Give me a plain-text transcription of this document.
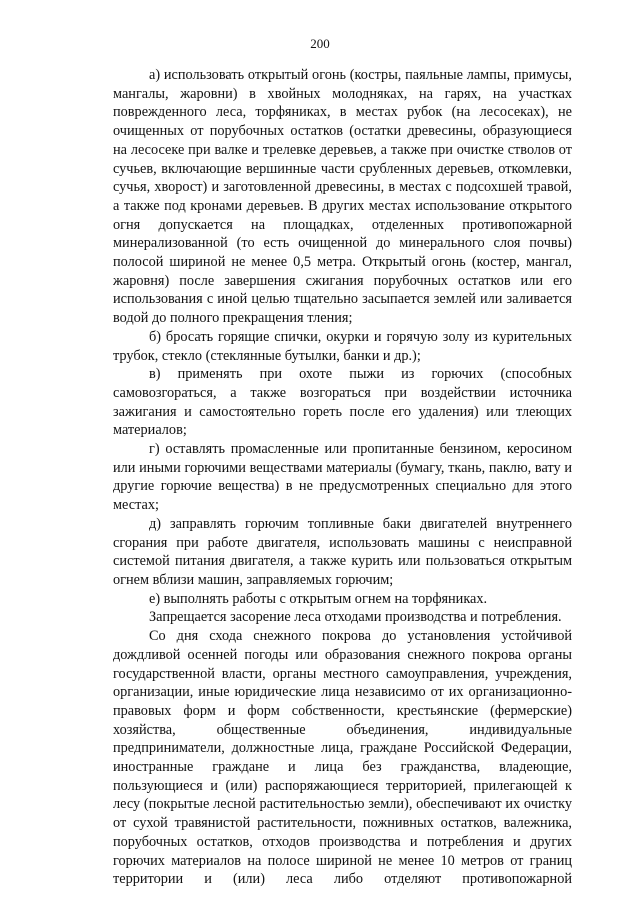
200

а) использовать открытый огонь (костры, паяльные лампы, примусы, мангалы, жаровни) в хвойных молодняках, на гарях, на участках поврежденного леса, торфяниках, в местах рубок (на лесосеках), не очищенных от порубочных остатков (остатки древесины, образующиеся на лесосеке при валке и трелевке деревьев, а также при очистке стволов от сучьев, включающие вершинные части срубленных деревьев, откомлевки, сучья, хворост) и заготовленной древесины, в местах с подсохшей травой, а также под кронами деревьев. В других местах использование открытого огня допускается на площадках, отделенных противопожарной минерализованной (то есть очищенной до минерального слоя почвы) полосой шириной не менее 0,5 метра. Открытый огонь (костер, мангал, жаровня) после завершения сжигания порубочных остатков или его использования с иной целью тщательно засыпается землей или заливается водой до полного прекращения тления;

б) бросать горящие спички, окурки и горячую золу из курительных трубок, стекло (стеклянные бутылки, банки и др.);

в) применять при охоте пыжи из горючих (способных самовозгораться, а также возгораться при воздействии источника зажигания и самостоятельно гореть после его удаления) или тлеющих материалов;

г) оставлять промасленные или пропитанные бензином, керосином или иными горючими веществами материалы (бумагу, ткань, паклю, вату и другие горючие вещества) в не предусмотренных специально для этого местах;

д) заправлять горючим топливные баки двигателей внутреннего сгорания при работе двигателя, использовать машины с неисправной системой питания двигателя, а также курить или пользоваться открытым огнем вблизи машин, заправляемых горючим;

е) выполнять работы с открытым огнем на торфяниках.

Запрещается засорение леса отходами производства и потребления.

Со дня схода снежного покрова до установления устойчивой дождливой осенней погоды или образования снежного покрова органы государственной власти, органы местного самоуправления, учреждения, организации, иные юридические лица независимо от их организационно-правовых форм и форм собственности, крестьянские (фермерские) хозяйства, общественные объединения, индивидуальные предприниматели, должностные лица, граждане Российской Федерации, иностранные граждане и лица без гражданства, владеющие, пользующиеся и (или) распоряжающиеся территорией, прилегающей к лесу (покрытые лесной растительностью земли), обеспечивают их очистку от сухой травянистой растительности, пожнивных остатков, валежника, порубочных остатков, отходов производства и потребления и других горючих материалов на полосе шириной не менее 10 метров от границ территории и (или) леса либо отделяют противопожарной
